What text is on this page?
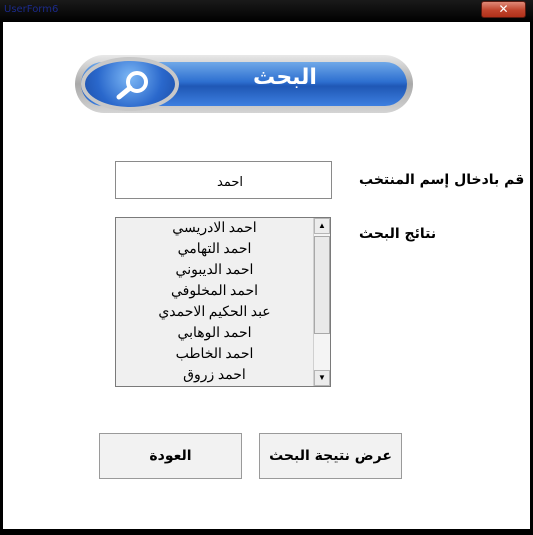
UserForm6	✕
البحث
قم بادخال إسم المنتخب
احمد
نتائج البحث
احمد الادريسي
احمد التهامي
احمد الديبوني
احمد المخلوفي
عبد الحكيم الاحمدي
احمد الوهابي
احمد الخاطب
احمد زروق
▲
▼
عرض نتيجة البحث
العودة
